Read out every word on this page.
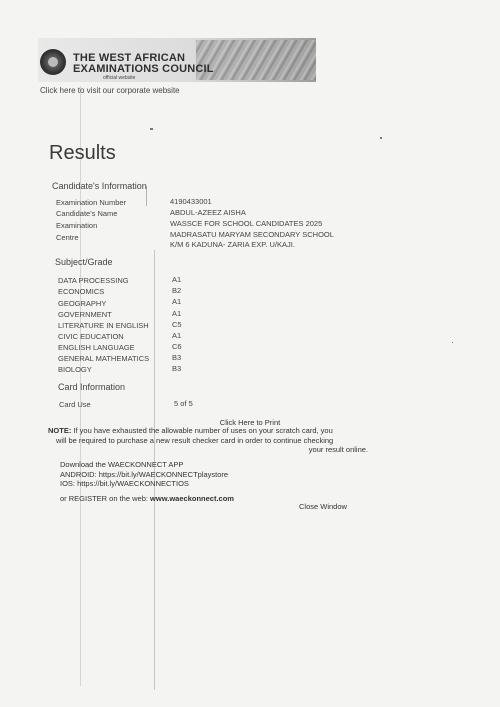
THE WEST AFRICAN
EXAMINATIONS COUNCIL
official website
Click here to visit our corporate website
Results
Candidate's Information
Examination Number	4190433001
Candidate's Name	ABDUL-AZEEZ AISHA
Examination	WASSCE FOR SCHOOL CANDIDATES 2025
Centre	MADRASATU MARYAM SECONDARY SCHOOL
K/M 6 KADUNA- ZARIA EXP. U/KAJI.
Subject/Grade
DATA PROCESSING	A1
ECONOMICS	B2
GEOGRAPHY	A1
GOVERNMENT	A1
LITERATURE IN ENGLISH	C5
CIVIC EDUCATION	A1
ENGLISH LANGUAGE	C6
GENERAL MATHEMATICS	B3
BIOLOGY	B3
Card Information
Card Use	5 of 5
Click Here to Print
NOTE: If you have exhausted the allowable number of uses on your scratch card, you
will be required to purchase a new result checker card in order to continue checking
your result online.
Download the WAECKONNECT APP
ANDROID: https://bit.ly/WAECKONNECTplaystore
IOS: https://bit.ly/WAECKONNECTIOS
or REGISTER on the web: www.waeckonnect.com
Close Window
